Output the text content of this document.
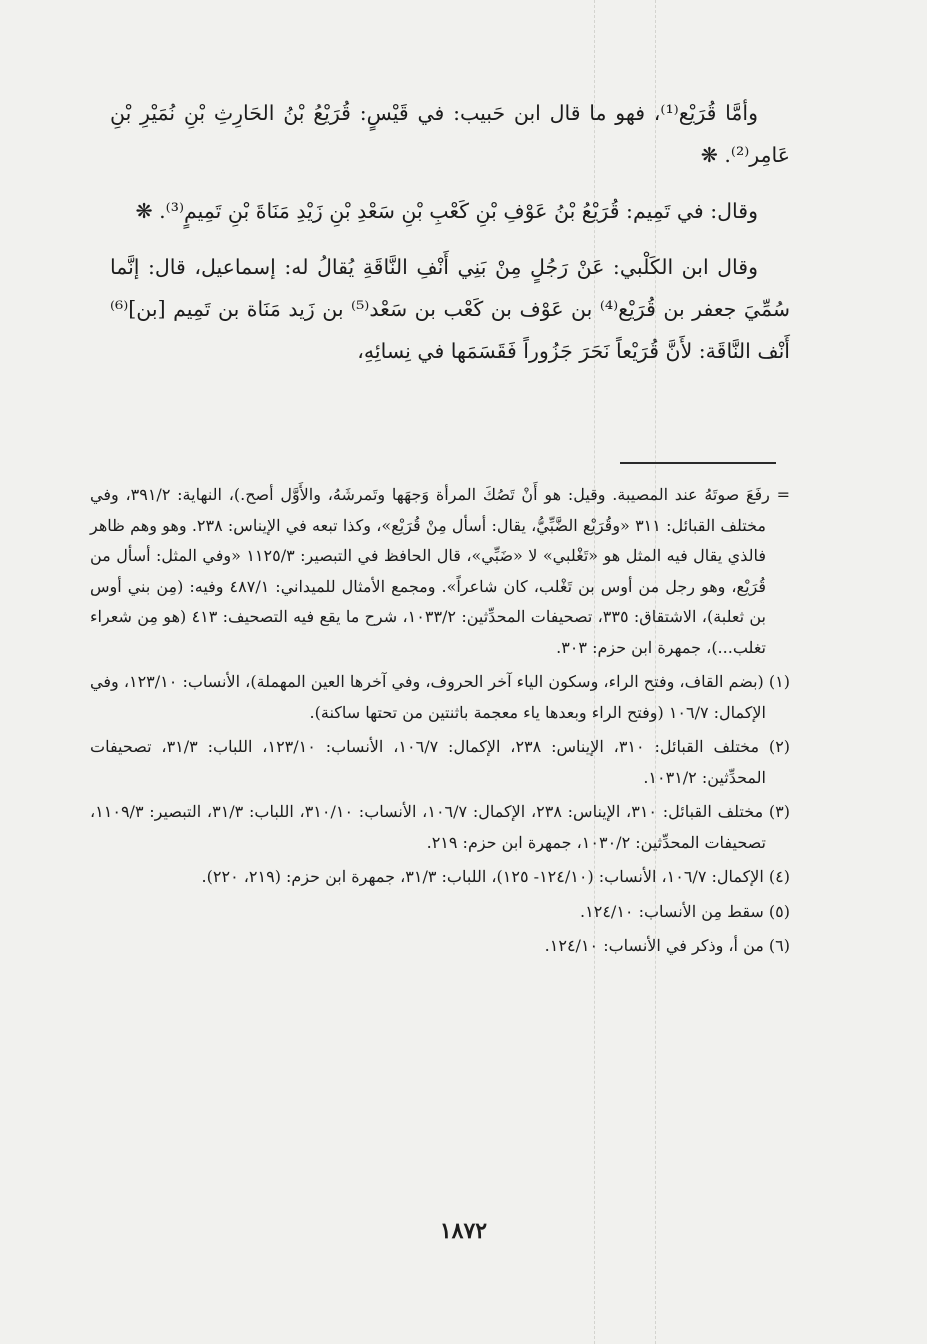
وأمَّا قُرَيْع⁽¹⁾، فهو ما قال ابن حَبيب: في قَيْسٍ: قُرَيْعُ بْنُ الحَارِثِ بْنِ نُمَيْرِ بْنِ عَامِر⁽²⁾. ❋

وقال: في تَمِيم: قُرَيْعُ بْنُ عَوْفِ بْنِ كَعْبِ بْنِ سَعْدِ بْنِ زَيْدِ مَنَاةَ بْنِ تَمِيمٍ⁽³⁾. ❋

وقال ابن الكَلْبي: عَنْ رَجُلٍ مِنْ بَنِي أَنْفِ النَّاقَةِ يُقالُ له: إسماعيل، قال: إنَّما سُمِّيَ جعفر بن قُرَيْع⁽⁴⁾ بن عَوْف بن كَعْب بن سَعْد⁽⁵⁾ بن زَيد مَنَاة بن تَمِيم [بن]⁽⁶⁾ أَنْف النَّاقَة: لأَنَّ قُرَيْعاً نَحَرَ جَزُوراً فَقَسَمَها في نِسائِهِ،

= رفَعَ صوتَهُ عند المصيبة. وقيل: هو أَنْ تَصُكَ المرأة وَجهَها وتَمرشَهُ، والأَوَّل أصح.)، النهاية: ٣٩١/٢، وفي مختلف القبائل: ٣١١ «وقُرَيْع الضَّبِّيُّ، يقال: أسأل مِنْ قُرَيْع»، وكذا تبعه في الإيناس: ٢٣٨. وهو وهم ظاهر فالذي يقال فيه المثل هو «تَغْلبي» لا «ضَبِّي»، قال الحافظ في التبصير: ١١٢٥/٣ «وفي المثل: أسأل من قُرَيْع، وهو رجل من أوس بن تَغْلب، كان شاعراً». ومجمع الأمثال للميداني: ٤٨٧/١ وفيه: (مِن بني أوس بن ثعلبة)، الاشتقاق: ٣٣٥، تصحيفات المحدِّثين: ١٠٣٣/٢، شرح ما يقع فيه التصحيف: ٤١٣ (هو مِن شعراء تغلب...)، جمهرة ابن حزم: ٣٠٣.

(١) (بضم القاف، وفتح الراء، وسكون الياء آخر الحروف، وفي آخرها العين المهملة)، الأنساب: ١٢٣/١٠، وفي الإكمال: ١٠٦/٧ (وفتح الراء وبعدها ياء معجمة باثنتين من تحتها ساكنة).

(٢) مختلف القبائل: ٣١٠، الإيناس: ٢٣٨، الإكمال: ١٠٦/٧، الأنساب: ١٢٣/١٠، اللباب: ٣١/٣، تصحيفات المحدِّثين: ١٠٣١/٢.

(٣) مختلف القبائل: ٣١٠، الإيناس: ٢٣٨، الإكمال: ١٠٦/٧، الأنساب: ٣١٠/١٠، اللباب: ٣١/٣، التبصير: ١١٠٩/٣، تصحيفات المحدِّثين: ١٠٣٠/٢، جمهرة ابن حزم: ٢١٩.

(٤) الإكمال: ١٠٦/٧، الأنساب: (١٢٤/١٠- ١٢٥)، اللباب: ٣١/٣، جمهرة ابن حزم: (٢١٩، ٢٢٠).

(٥) سقط مِن الأنساب: ١٢٤/١٠.

(٦) من أ، وذكر في الأنساب: ١٢٤/١٠.

١٨٧٢
